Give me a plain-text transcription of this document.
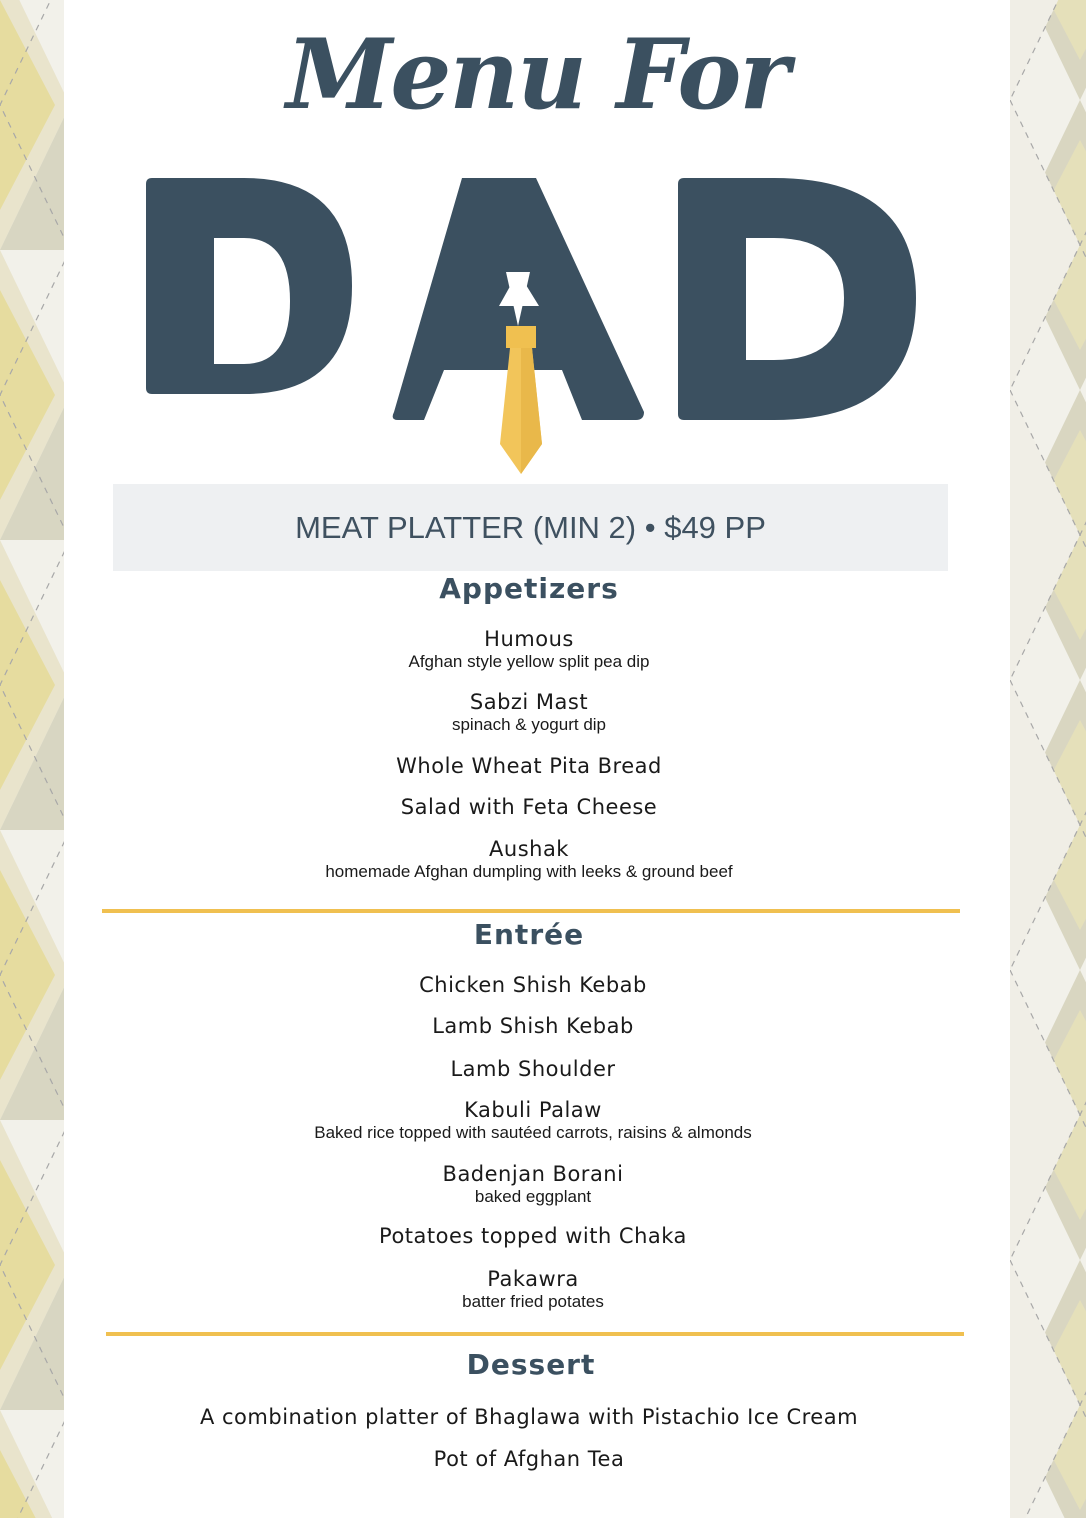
Menu For
MEAT PLATTER (MIN 2) • $49 PP
Appetizers
Humous
Afghan style yellow split pea dip
Sabzi Mast
spinach & yogurt dip
Whole Wheat Pita Bread
Salad with Feta Cheese
Aushak
homemade Afghan dumpling with leeks & ground beef
Entrée
Chicken Shish Kebab
Lamb Shish Kebab
Lamb Shoulder
Kabuli Palaw
Baked rice topped with sautéed carrots, raisins & almonds
Badenjan Borani
baked eggplant
Potatoes topped with Chaka
Pakawra
batter fried potates
Dessert
A combination platter of Bhaglawa with Pistachio Ice Cream
Pot of Afghan Tea
